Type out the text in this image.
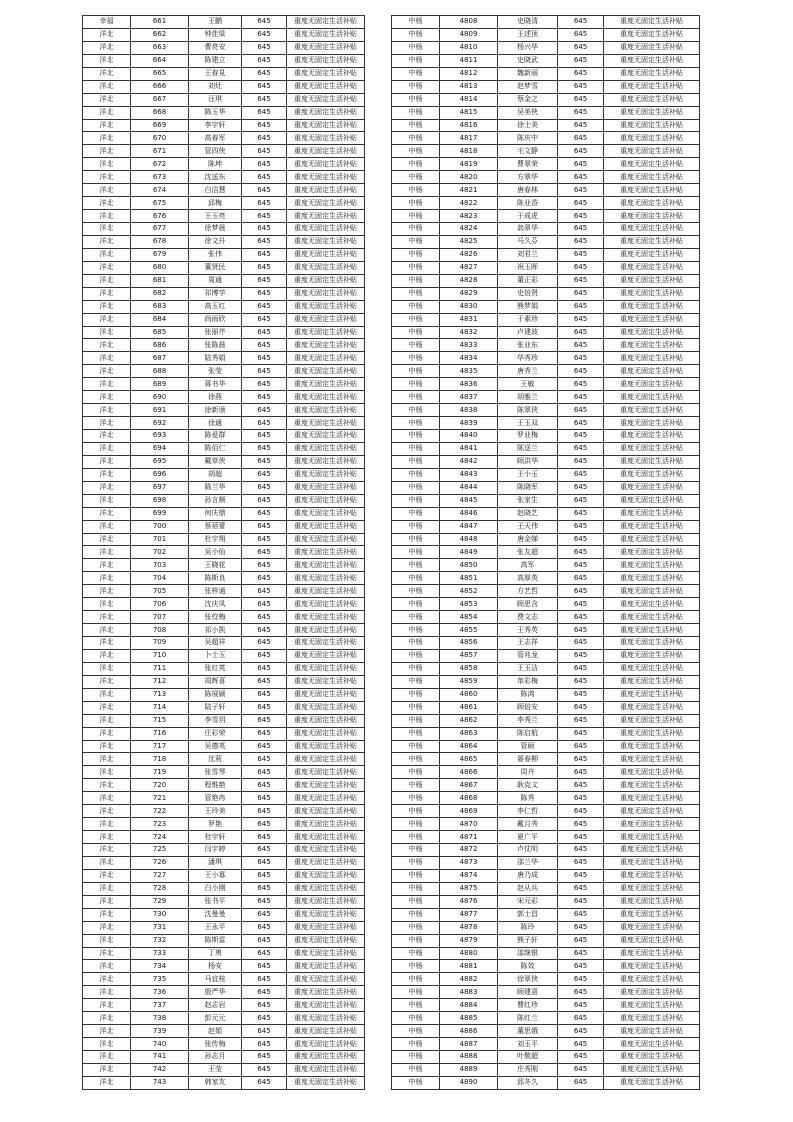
幸福	661	王鹏	645	重度无固定生活补贴
洋北	662	钟佳梁	645	重度无固定生活补贴
洋北	663	曹亮安	645	重度无固定生活补贴
洋北	664	陈建立	645	重度无固定生活补贴
洋北	665	王春見	645	重度无固定生活补贴
洋北	666	刘灶	645	重度无固定生活补贴
洋北	667	汪琪	645	重度无固定生活补贴
洋北	668	陈玉华	645	重度无固定生活补贴
洋北	669	李宇轩	645	重度无固定生活补贴
洋北	670	高春军	645	重度无固定生活补贴
洋北	671	管四侠	645	重度无固定生活补贴
洋北	672	陈坤	645	重度无固定生活补贴
洋北	673	沈送东	645	重度无固定生活补贴
洋北	674	白洁慧	645	重度无固定生活补贴
洋北	675	邱梅	645	重度无固定生活补贴
洋北	676	王玉亮	645	重度无固定生活补贴
洋北	677	徐梦晨	645	重度无固定生活补贴
洋北	678	徐文升	645	重度无固定生活补贴
洋北	679	张伟	645	重度无固定生活补贴
洋北	680	董贤民	645	重度无固定生活补贴
洋北	681	周通	645	重度无固定生活补贴
洋北	682	祁博学	645	重度无固定生活补贴
洋北	683	高玉红	645	重度无固定生活补贴
洋北	684	尚雨欣	645	重度无固定生活补贴
洋北	685	张丽芹	645	重度无固定生活补贴
洋北	686	张陈晨	645	重度无固定生活补贴
洋北	687	陆秀娟	645	重度无固定生活补贴
洋北	688	张莹	645	重度无固定生活补贴
洋北	689	蒋书华	645	重度无固定生活补贴
洋北	690	徐燕	645	重度无固定生活补贴
洋北	691	徐新颁	645	重度无固定生活补贴
洋北	692	徐通	645	重度无固定生活补贴
洋北	693	陈爱群	645	重度无固定生活补贴
洋北	694	陈佰仁	645	重度无固定生活补贴
洋北	695	戴草侠	645	重度无固定生活补贴
洋北	696	胡超	645	重度无固定生活补贴
洋北	697	陈兰华	645	重度无固定生活补贴
洋北	698	孙言颇	645	重度无固定生活补贴
洋北	699	何庆鼎	645	重度无固定生活补贴
洋北	700	蔡蓓蕾	645	重度无固定生活补贴
洋北	701	杜宇翔	645	重度无固定生活补贴
洋北	702	吴小仙	645	重度无固定生活补贴
洋北	703	王晓花	645	重度无固定生活补贴
洋北	704	陈斯良	645	重度无固定生活补贴
洋北	705	张梓通	645	重度无固定生活补贴
洋北	706	沈庆凤	645	重度无固定生活补贴
洋北	707	张佼梅	645	重度无固定生活补贴
洋北	708	祁小凯	645	重度无固定生活补贴
洋北	709	吴超祥	645	重度无固定生活补贴
洋北	710	卜士玉	645	重度无固定生活补贴
洋北	711	张红英	645	重度无固定生活补贴
洋北	712	周辉喜	645	重度无固定生活补贴
洋北	713	陈展颍	645	重度无固定生活补贴
洋北	714	陆子轩	645	重度无固定生活补贴
洋北	715	李雪玥	645	重度无固定生活补贴
洋北	716	庄彩荣	645	重度无固定生活补贴
洋北	717	吴德英	645	重度无固定生活补贴
洋北	718	沈莉	645	重度无固定生活补贴
洋北	719	张雪琴	645	重度无固定生活补贴
洋北	720	程维艳	645	重度无固定生活补贴
洋北	721	管艳冉	645	重度无固定生活补贴
洋北	722	王玲美	645	重度无固定生活补贴
洋北	723	罗艳	645	重度无固定生活补贴
洋北	724	杜宇轩	645	重度无固定生活补贴
洋北	725	闫宇婷	645	重度无固定生活补贴
洋北	726	潘琪	645	重度无固定生活补贴
洋北	727	王小寡	645	重度无固定生活补贴
洋北	728	白小刚	645	重度无固定生活补贴
洋北	729	张书平	645	重度无固定生活补贴
洋北	730	沈曼曼	645	重度无固定生活补贴
洋北	731	王永平	645	重度无固定生活补贴
洋北	732	陈斯雷	645	重度无固定生活补贴
洋北	733	丁勇	645	重度无固定生活补贴
洋北	734	杨安	645	重度无固定生活补贴
洋北	735	马宜桂	645	重度无固定生活补贴
洋北	736	殷严华	645	重度无固定生活补贴
洋北	737	赵志岩	645	重度无固定生活补贴
洋北	738	彭元元	645	重度无固定生活补贴
洋北	739	赵娟	645	重度无固定生活补贴
洋北	740	张传梅	645	重度无固定生活补贴
洋北	741	孙志月	645	重度无固定生活补贴
洋北	742	王莹	645	重度无固定生活补贴
洋北	743	韩家友	645	重度无固定生活补贴
中杨	4808	史晓清	645	重度无固定生活补贴
中杨	4809	王述顶	645	重度无固定生活补贴
中杨	4810	杨兴华	645	重度无固定生活补贴
中杨	4811	史晓武	645	重度无固定生活补贴
中杨	4812	魏新丽	645	重度无固定生活补贴
中杨	4813	赵梦雪	645	重度无固定生活补贴
中杨	4814	蔡金之	645	重度无固定生活补贴
中杨	4815	吴美侠	645	重度无固定生活补贴
中杨	4816	徐士美	645	重度无固定生活补贴
中杨	4817	陈庆中	645	重度无固定生活补贴
中杨	4818	毛文静	645	重度无固定生活补贴
中杨	4819	曹翠荣	645	重度无固定生活补贴
中杨	4820	方翠华	645	重度无固定生活补贴
中杨	4821	唐春林	645	重度无固定生活补贴
中杨	4822	陈业香	645	重度无固定生活补贴
中杨	4823	于成虎	645	重度无固定生活补贴
中杨	4824	翁翠华	645	重度无固定生活补贴
中杨	4825	马久芬	645	重度无固定生活补贴
中杨	4826	刘君兰	645	重度无固定生活补贴
中杨	4827	祝玉晖	645	重度无固定生活补贴
中杨	4828	董正彩	645	重度无固定生活补贴
中杨	4829	史倍贤	645	重度无固定生活补贴
中杨	4830	熊梦娟	645	重度无固定生活补贴
中杨	4831	于素珍	645	重度无固定生活补贴
中杨	4832	卢建波	645	重度无固定生活补贴
中杨	4833	张业东	645	重度无固定生活补贴
中杨	4834	华秀珍	645	重度无固定生活补贴
中杨	4835	唐秀兰	645	重度无固定生活补贴
中杨	4836	王敏	645	重度无固定生活补贴
中杨	4837	胡雅兰	645	重度无固定生活补贴
中杨	4838	陈翠侠	645	重度无固定生活补贴
中杨	4839	王玉双	645	重度无固定生活补贴
中杨	4840	罗业梅	645	重度无固定生活补贴
中杨	4841	陈送兰	645	重度无固定生活补贴
中杨	4842	顾洪华	645	重度无固定生活补贴
中杨	4843	王小玉	645	重度无固定生活补贴
中杨	4844	陈晓军	645	重度无固定生活补贴
中杨	4845	张家生	645	重度无固定生活补贴
中杨	4846	赵晓艺	645	重度无固定生活补贴
中杨	4847	王天伟	645	重度无固定生活补贴
中杨	4848	唐金娣	645	重度无固定生活补贴
中杨	4849	张友超	645	重度无固定生活补贴
中杨	4850	高军	645	重度无固定生活补贴
中杨	4851	高厚英	645	重度无固定生活补贴
中杨	4852	方艺哲	645	重度无固定生活补贴
中杨	4853	顾思含	645	重度无固定生活补贴
中杨	4854	费文志	645	重度无固定生活补贴
中杨	4855	王秀英	645	重度无固定生活补贴
中杨	4856	王志祥	645	重度无固定生活补贴
中杨	4857	管兆龙	645	重度无固定生活补贴
中杨	4858	王玉洁	645	重度无固定生活补贴
中杨	4859	单彩梅	645	重度无固定生活补贴
中杨	4860	陈鸿	645	重度无固定生活补贴
中杨	4861	顾倍安	645	重度无固定生活补贴
中杨	4862	李秀兰	645	重度无固定生活补贴
中杨	4863	陈启航	645	重度无固定生活补贴
中杨	4864	管硕	645	重度无固定生活补贴
中杨	4865	晏春柳	645	重度无固定生活补贴
中杨	4866	周卉	645	重度无固定生活补贴
中杨	4867	耿克文	645	重度无固定生活补贴
中杨	4868	陈秀	645	重度无固定生活补贴
中杨	4869	李仁哲	645	重度无固定生活补贴
中杨	4870	戴月秀	645	重度无固定生活补贴
中杨	4871	夏广平	645	重度无固定生活补贴
中杨	4872	卢仗明	645	重度无固定生活补贴
中杨	4873	邵兰华	645	重度无固定生活补贴
中杨	4874	唐乃成	645	重度无固定生活补贴
中杨	4875	赵从兵	645	重度无固定生活补贴
中杨	4876	宋元彩	645	重度无固定生活补贴
中杨	4877	郭士昌	645	重度无固定生活补贴
中杨	4878	陈玲	645	重度无固定生活补贴
中杨	4879	熊子轩	645	重度无固定生活补贴
中杨	4880	邵继银	645	重度无固定生活补贴
中杨	4881	陈效	645	重度无固定生活补贴
中杨	4882	徐翠侠	645	重度无固定生活补贴
中杨	4883	顾建喜	645	重度无固定生活补贴
中杨	4884	曹红珍	645	重度无固定生活补贴
中杨	4885	陈红兰	645	重度无固定生活补贴
中杨	4886	董思娥	645	重度无固定生活补贴
中杨	4887	刘玉平	645	重度无固定生活补贴
中杨	4888	叶敬超	645	重度无固定生活补贴
中杨	4889	庄秀刚	645	重度无固定生活补贴
中杨	4890	邱冬久	645	重度无固定生活补贴
